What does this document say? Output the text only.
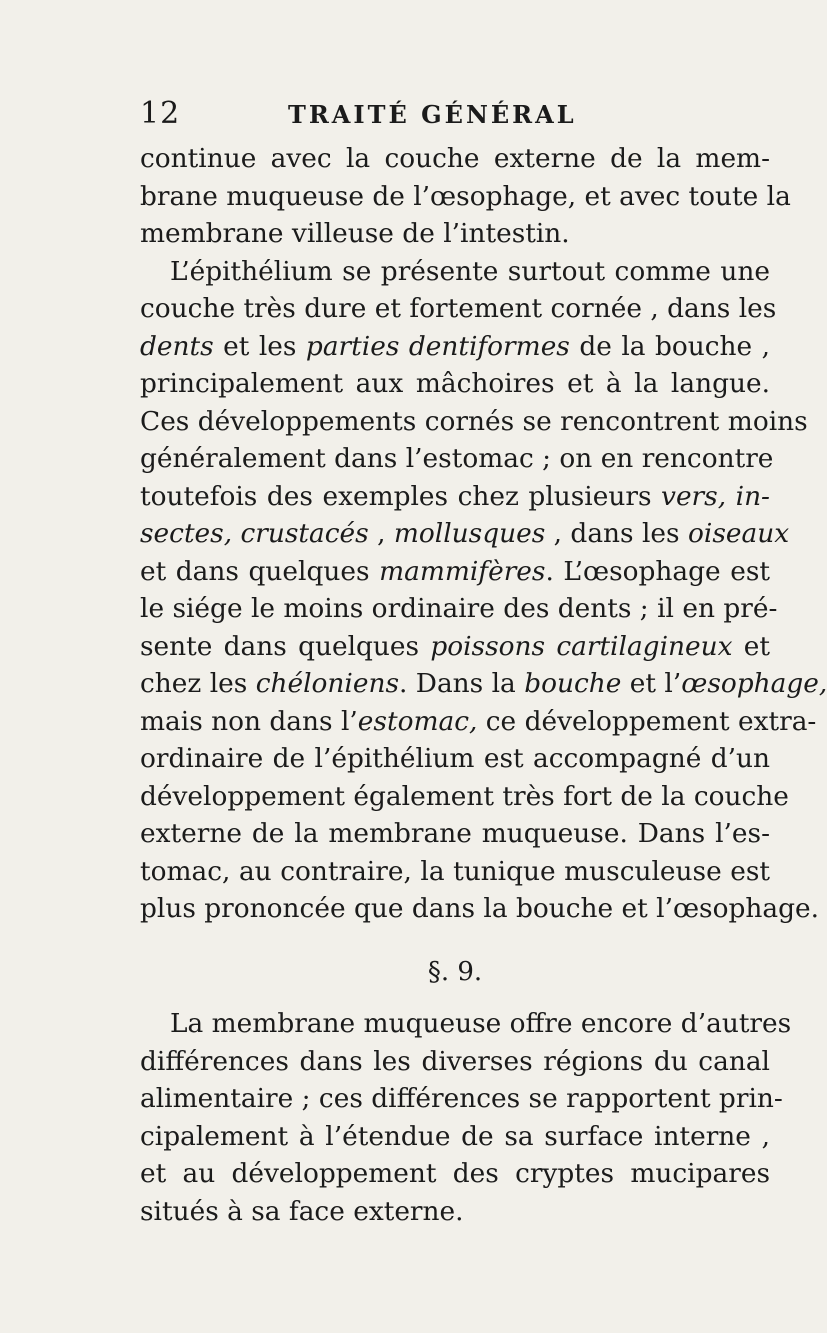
12	TRAITÉ GÉNÉRAL
continue avec la couche externe de la mem-
brane muqueuse de l’œsophage, et avec toute la
membrane villeuse de l’intestin.
L’épithélium se présente surtout comme une
couche très dure et fortement cornée , dans les
dents et les parties dentiformes de la bouche ,
principalement aux mâchoires et à la langue.
Ces développements cornés se rencontrent moins
généralement dans l’estomac ; on en rencontre
toutefois des exemples chez plusieurs vers, in-
sectes, crustacés , mollusques , dans les oiseaux
et dans quelques mammifères. L’œsophage est
le siége le moins ordinaire des dents ; il en pré-
sente dans quelques poissons cartilagineux et
chez les chéloniens. Dans la bouche et l’œsophage,
mais non dans l’estomac, ce développement extra-
ordinaire de l’épithélium est accompagné d’un
développement également très fort de la couche
externe de la membrane muqueuse. Dans l’es-
tomac, au contraire, la tunique musculeuse est
plus prononcée que dans la bouche et l’œsophage.
§. 9.
La membrane muqueuse offre encore d’autres
différences dans les diverses régions du canal
alimentaire ; ces différences se rapportent prin-
cipalement à l’étendue de sa surface interne ,
et au développement des cryptes mucipares
situés à sa face externe.
